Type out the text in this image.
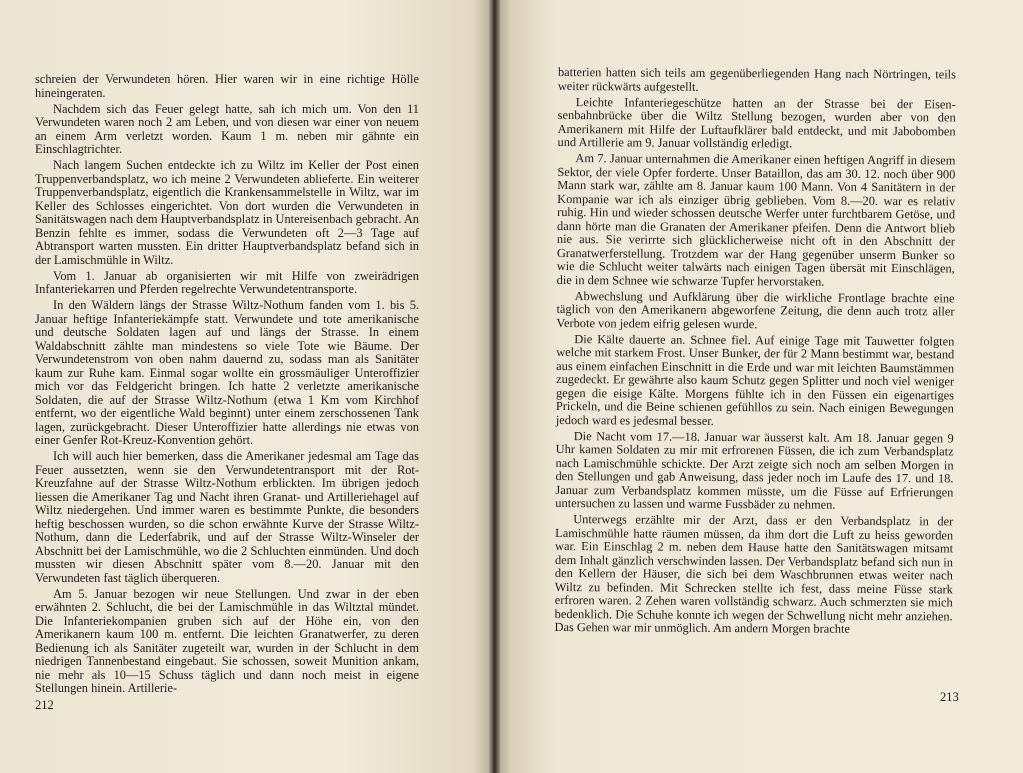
schreien der Verwundeten hören. Hier waren wir in eine richtige Hölle hineingeraten.

Nachdem sich das Feuer gelegt hatte, sah ich mich um. Von den 11 Verwundeten waren noch 2 am Leben, und von diesen war einer von neuem an einem Arm verletzt worden. Kaum 1 m. neben mir gähnte ein Einschlagtrichter.

Nach langem Suchen entdeckte ich zu Wiltz im Keller der Post einen Truppenverbandsplatz, wo ich meine 2 Verwundeten ablieferte. Ein weiterer Truppenverbandsplatz, eigentlich die Krankensammelstelle in Wiltz, war im Keller des Schlosses eingerichtet. Von dort wurden die Verwundeten in Sanitätswagen nach dem Hauptverbandsplatz in Untereisenbach gebracht. An Benzin fehlte es immer, sodass die Verwundeten oft 2—3 Tage auf Abtransport warten mussten. Ein dritter Hauptverbandsplatz befand sich in der Lamischmühle in Wiltz.

Vom 1. Januar ab organisierten wir mit Hilfe von zweirädrigen Infanteriekarren und Pferden regelrechte Verwundetentransporte.

In den Wäldern längs der Strasse Wiltz-Nothum fanden vom 1. bis 5. Januar heftige Infanteriekämpfe statt. Verwundete und tote amerikanische und deutsche Soldaten lagen auf und längs der Strasse. In einem Waldabschnitt zählte man mindestens so viele Tote wie Bäume. Der Verwundetenstrom von oben nahm dauernd zu, sodass man als Sanitäter kaum zur Ruhe kam. Einmal sogar wollte ein grossmäuliger Unteroffizier mich vor das Feldgericht bringen. Ich hatte 2 verletzte amerikanische Soldaten, die auf der Strasse Wiltz-Nothum (etwa 1 Km vom Kirchhof entfernt, wo der eigentliche Wald beginnt) unter einem zerschossenen Tank lagen, zurückgebracht. Dieser Unteroffizier hatte allerdings nie etwas von einer Genfer Rot-Kreuz-Konvention gehört.

Ich will auch hier bemerken, dass die Amerikaner jedesmal am Tage das Feuer aussetzten, wenn sie den Verwundetentransport mit der Rot-Kreuzfahne auf der Strasse Wiltz-Nothum erblickten. Im übrigen jedoch liessen die Amerikaner Tag und Nacht ihren Granat- und Artilleriehagel auf Wiltz niedergehen. Und immer waren es bestimmte Punkte, die besonders heftig beschossen wurden, so die schon erwähnte Kurve der Strasse Wiltz-Nothum, dann die Lederfabrik, und auf der Strasse Wiltz-Winseler der Abschnitt bei der Lamischmühle, wo die 2 Schluchten einmünden. Und doch mussten wir diesen Abschnitt später vom 8.—20. Januar mit den Verwundeten fast täglich überqueren.

Am 5. Januar bezogen wir neue Stellungen. Und zwar in der eben erwähnten 2. Schlucht, die bei der Lamischmühle in das Wiltztal mündet. Die Infanteriekompanien gruben sich auf der Höhe ein, von den Amerikanern kaum 100 m. entfernt. Die leichten Granatwerfer, zu deren Bedienung ich als Sanitäter zugeteilt war, wurden in der Schlucht in dem niedrigen Tannenbestand eingebaut. Sie schossen, soweit Munition ankam, nie mehr als 10—15 Schuss täglich und dann noch meist in eigene Stellungen hinein. Artillerie-

212

batterien hatten sich teils am gegenüberliegenden Hang nach Nörtringen, teils weiter rückwärts aufgestellt.

Leichte Infanteriegeschütze hatten an der Strasse bei der Eisensenbahnbrücke über die Wiltz Stellung bezogen, wurden aber von den Amerikanern mit Hilfe der Luftaufklärer bald entdeckt, und mit Jabobomben und Artillerie am 9. Januar vollständig erledigt.

Am 7. Januar unternahmen die Amerikaner einen heftigen Angriff in diesem Sektor, der viele Opfer forderte. Unser Bataillon, das am 30. 12. noch über 900 Mann stark war, zählte am 8. Januar kaum 100 Mann. Von 4 Sanitätern in der Kompanie war ich als einziger übrig geblieben. Vom 8.—20. war es relativ ruhig. Hin und wieder schossen deutsche Werfer unter furchtbarem Getöse, und dann hörte man die Granaten der Amerikaner pfeifen. Denn die Antwort blieb nie aus. Sie verirrte sich glücklicherweise nicht oft in den Abschnitt der Granatwerferstellung. Trotzdem war der Hang gegenüber unserm Bunker so wie die Schlucht weiter talwärts nach einigen Tagen übersät mit Einschlägen, die in dem Schnee wie schwarze Tupfer hervorstaken.

Abwechslung und Aufklärung über die wirkliche Frontlage brachte eine täglich von den Amerikanern abgeworfene Zeitung, die denn auch trotz aller Verbote von jedem eifrig gelesen wurde.

Die Kälte dauerte an. Schnee fiel. Auf einige Tage mit Tauwetter folgten welche mit starkem Frost. Unser Bunker, der für 2 Mann bestimmt war, bestand aus einem einfachen Einschnitt in die Erde und war mit leichten Baumstämmen zugedeckt. Er gewährte also kaum Schutz gegen Splitter und noch viel weniger gegen die eisige Kälte. Morgens fühlte ich in den Füssen ein eigenartiges Prickeln, und die Beine schienen gefühllos zu sein. Nach einigen Bewegungen jedoch ward es jedesmal besser.

Die Nacht vom 17.—18. Januar war äusserst kalt. Am 18. Januar gegen 9 Uhr kamen Soldaten zu mir mit erfrorenen Füssen, die ich zum Verbandsplatz nach Lamischmühle schickte. Der Arzt zeigte sich noch am selben Morgen in den Stellungen und gab Anweisung, dass jeder noch im Laufe des 17. und 18. Januar zum Verbandsplatz kommen müsste, um die Füsse auf Erfrierungen untersuchen zu lassen und warme Fussbäder zu nehmen.

Unterwegs erzählte mir der Arzt, dass er den Verbandsplatz in der Lamischmühle hatte räumen müssen, da ihm dort die Luft zu heiss geworden war. Ein Einschlag 2 m. neben dem Hause hatte den Sanitätswagen mitsamt dem Inhalt gänzlich verschwinden lassen. Der Verbandsplatz befand sich nun in den Kellern der Häuser, die sich bei dem Waschbrunnen etwas weiter nach Wiltz zu befinden. Mit Schrecken stellte ich fest, dass meine Füsse stark erfroren waren. 2 Zehen waren vollständig schwarz. Auch schmerzten sie mich bedenklich. Die Schuhe konnte ich wegen der Schwellung nicht mehr anziehen. Das Gehen war mir unmöglich. Am andern Morgen brachte

213
